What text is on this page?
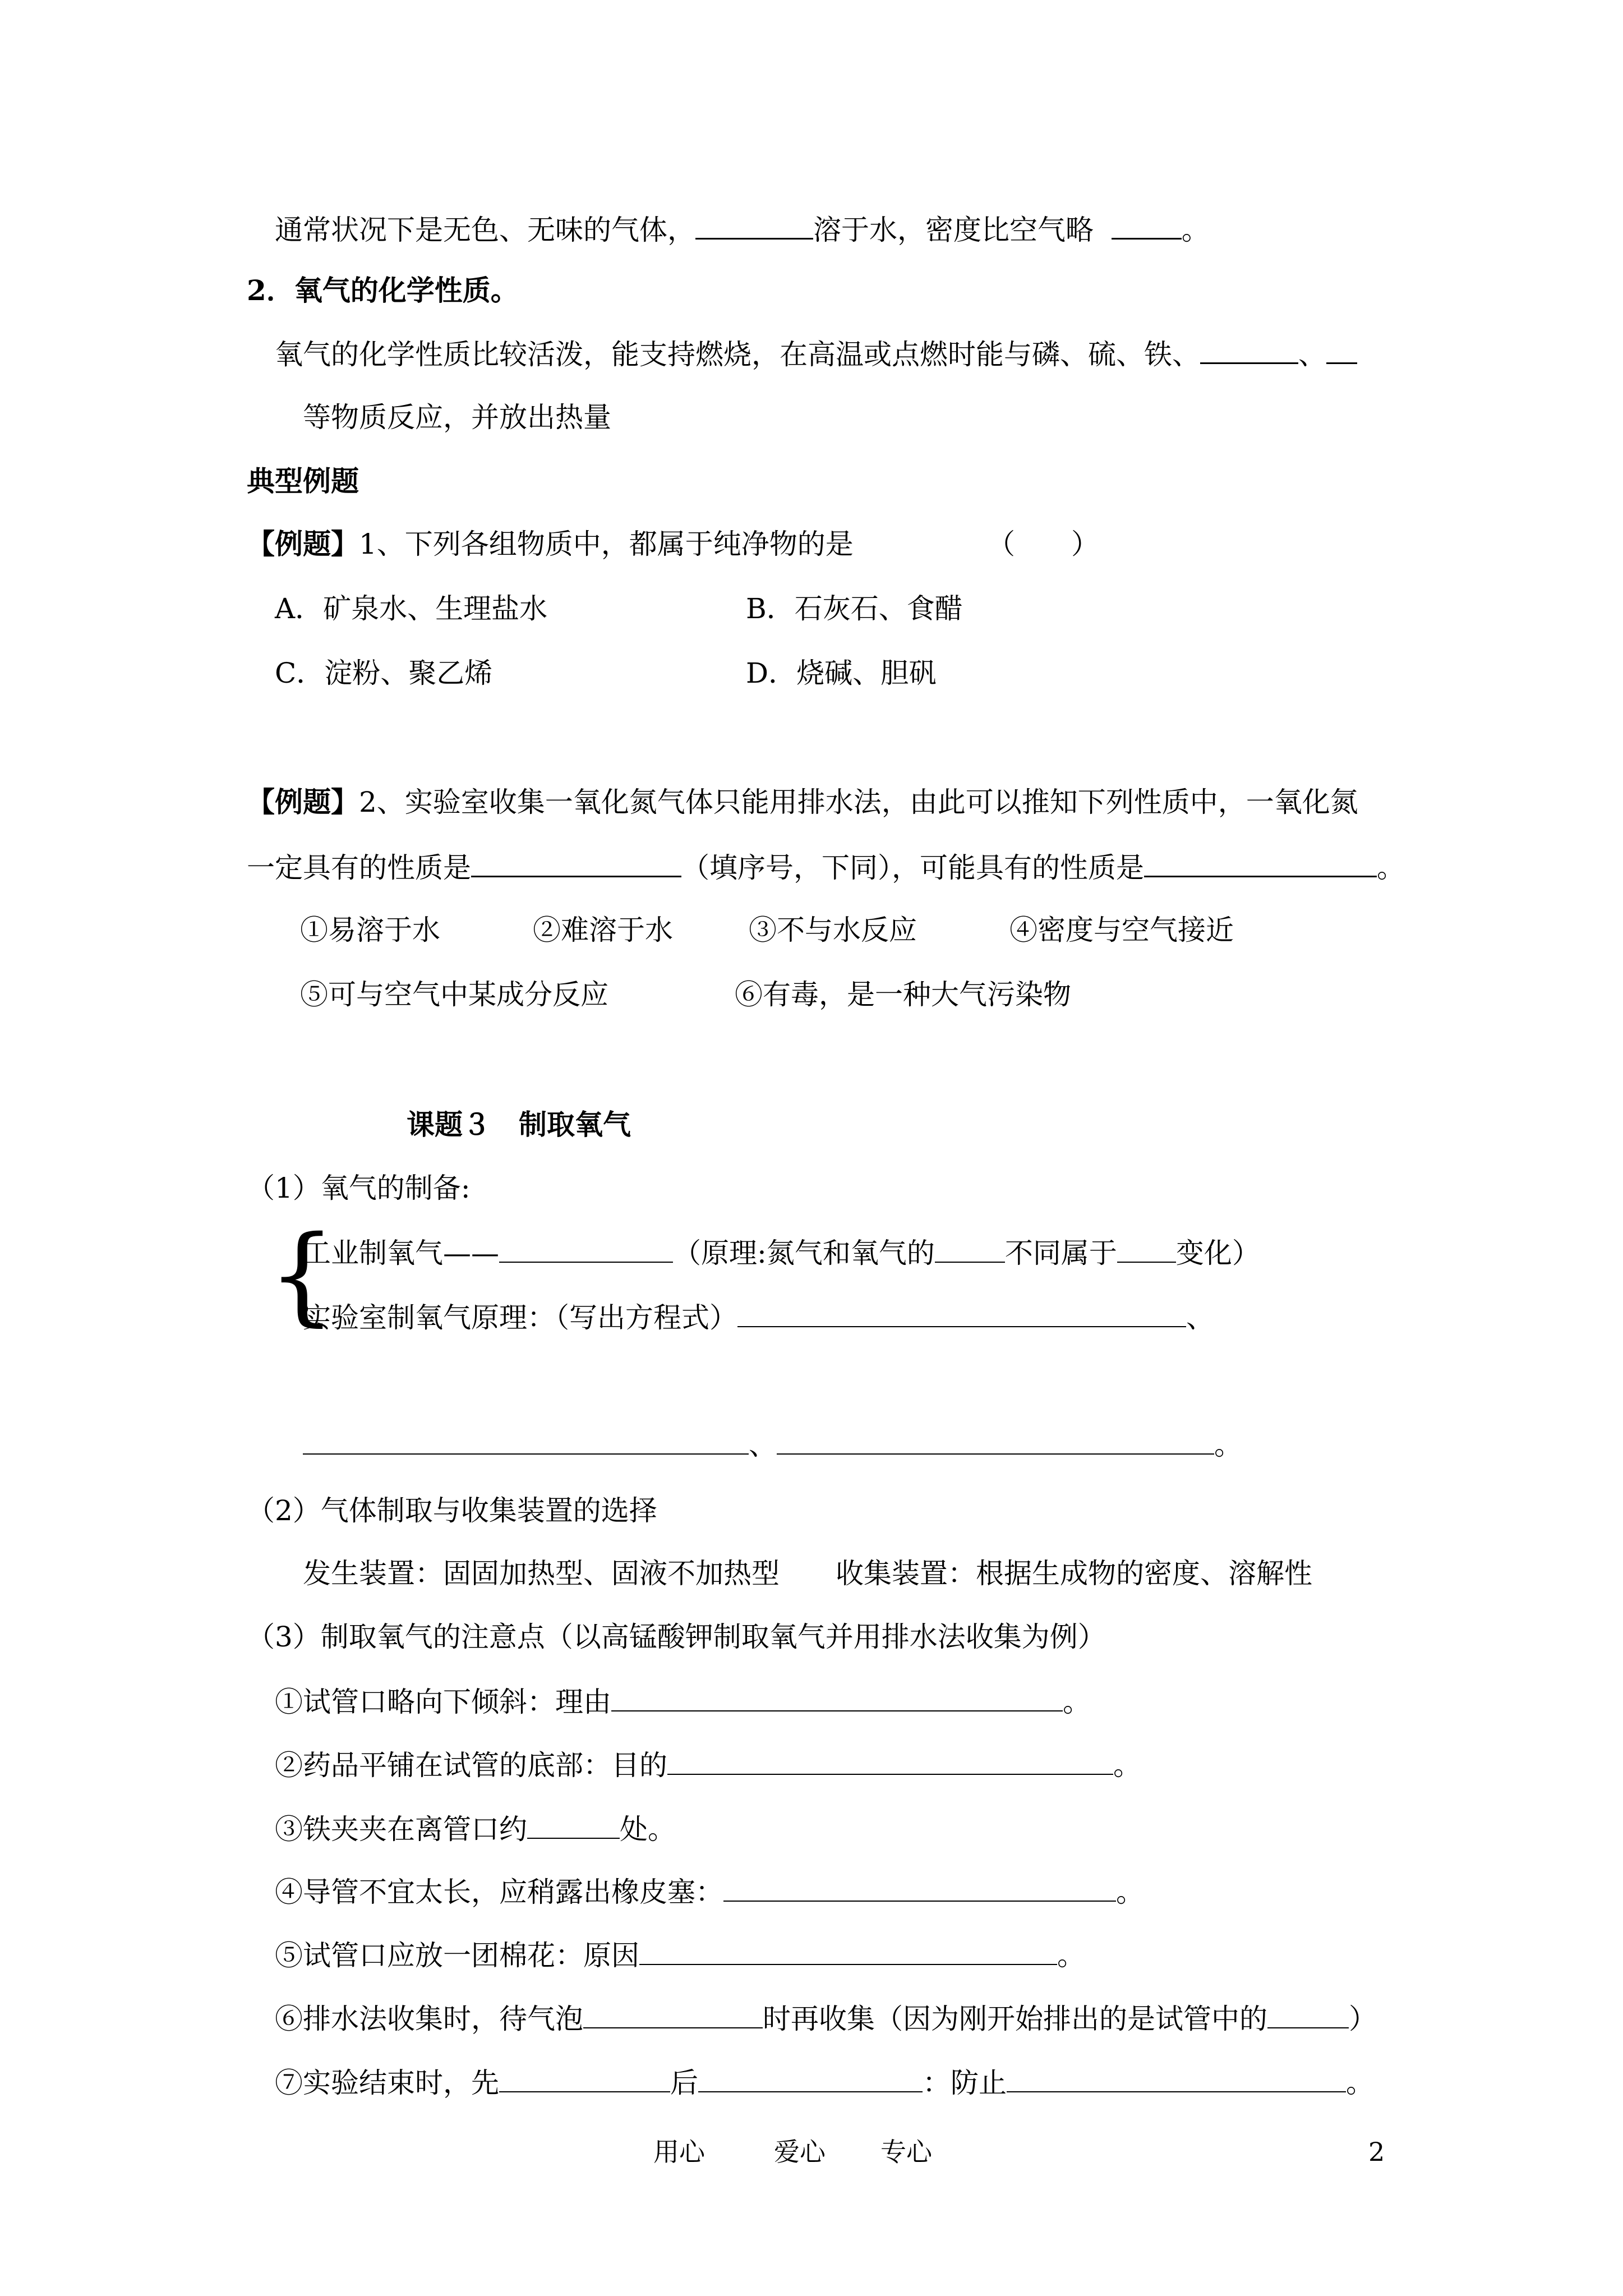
通常状况下是无色、无味的气体，	溶于水，密度比空气略	。
2．氧气的化学性质。
氧气的化学性质比较活泼，能支持燃烧，在高温或点燃时能与磷、硫、铁、	、
等物质反应，并放出热量
典型例题
【例题】1、下列各组物质中，都属于纯净物的是	（　　）
A．矿泉水、生理盐水	B．石灰石、食醋
C．淀粉、聚乙烯	D．烧碱、胆矾
【例题】2、实验室收集一氧化氮气体只能用排水法，由此可以推知下列性质中，一氧化氮
一定具有的性质是	（填序号，下同），可能具有的性质是	。
①易溶于水	②难溶于水	③不与水反应	④密度与空气接近
⑤可与空气中某成分反应	⑥有毒，是一种大气污染物
课题３　制取氧气
（1）氧气的制备:
{
工业制氧气——	（原理:氮气和氧气的	不同属于 变化）
实验室制氧气原理：（写出方程式）	、
、	。
（2）气体制取与收集装置的选择
发生装置：固固加热型、固液不加热型　　收集装置：根据生成物的密度、溶解性
（3）制取氧气的注意点（以高锰酸钾制取氧气并用排水法收集为例）
①试管口略向下倾斜：理由	。
②药品平铺在试管的底部：目的	。
③铁夹夹在离管口约	处。
④导管不宜太长，应稍露出橡皮塞：	。
⑤试管口应放一团棉花：原因	。
⑥排水法收集时，待气泡	时再收集（因为刚开始排出的是试管中的	）
⑦实验结束时，先	后	：防止	。
用心	爱心 专心	2
